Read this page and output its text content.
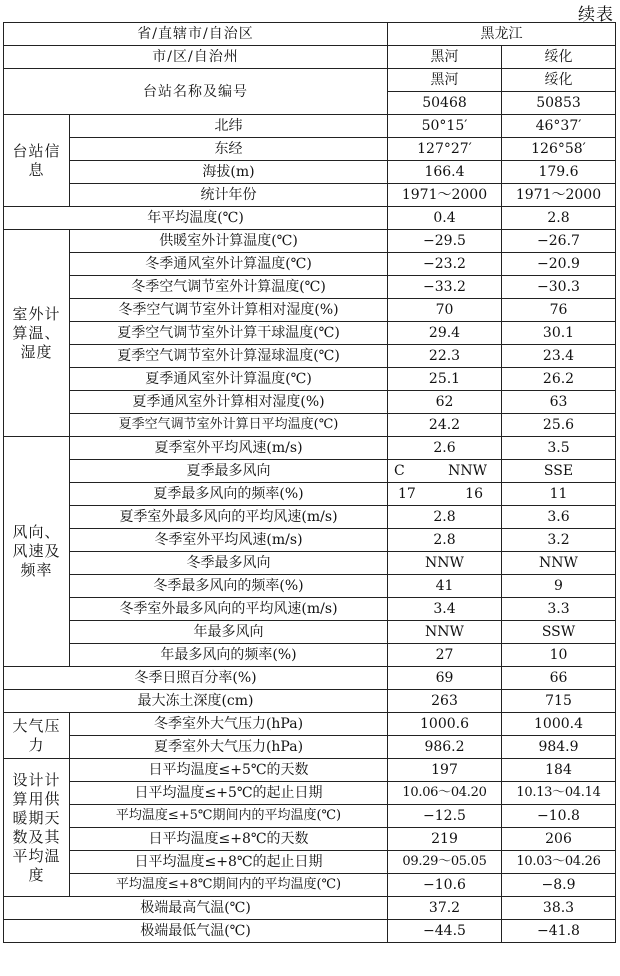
续表
省/直辖市/自治区		黑龙江	
市/区/自治州		黑河	绥化
台站名称及编号		黑河	绥化
		50468	50853
台站信息	北纬	50°15′	46°37′
	东经	127°27′	126°58′
	海拔(m)	166.4	179.6
	统计年份	1971～2000	1971～2000
年平均温度(℃)		0.4	2.8
室外计算温、湿度	供暖室外计算温度(℃)	−29.5	−26.7
	冬季通风室外计算温度(℃)	−23.2	−20.9
	冬季空气调节室外计算温度(℃)	−33.2	−30.3
	冬季空气调节室外计算相对湿度(%)	70	76
	夏季空气调节室外计算干球温度(℃)	29.4	30.1
	夏季空气调节室外计算湿球温度(℃)	22.3	23.4
	夏季通风室外计算温度(℃)	25.1	26.2
	夏季通风室外计算相对湿度(%)	62	63
	夏季空气调节室外计算日平均温度(℃)	24.2	25.6
风向、风速及频率	夏季室外平均风速(m/s)	2.6	3.5
	夏季最多风向	C NNW	SSE
	夏季最多风向的频率(%)	17 16	11
	夏季室外最多风向的平均风速(m/s)	2.8	3.6
	冬季室外平均风速(m/s)	2.8	3.2
	冬季最多风向	NNW	NNW
	冬季最多风向的频率(%)	41	9
	冬季室外最多风向的平均风速(m/s)	3.4	3.3
	年最多风向	NNW	SSW
	年最多风向的频率(%)	27	10
冬季日照百分率(%)		69	66
最大冻土深度(cm)		263	715
大气压力	冬季室外大气压力(hPa)	1000.6	1000.4
	夏季室外大气压力(hPa)	986.2	984.9
设计计算用供暖期天数及其平均温度	日平均温度≤+5℃的天数	197	184
	日平均温度≤+5℃的起止日期	10.06～04.20	10.13～04.14
	平均温度≤+5℃期间内的平均温度(℃)	−12.5	−10.8
	日平均温度≤+8℃的天数	219	206
	日平均温度≤+8℃的起止日期	09.29～05.05	10.03～04.26
	平均温度≤+8℃期间内的平均温度(℃)	−10.6	−8.9
极端最高气温(℃)		37.2	38.3
极端最低气温(℃)		−44.5	−41.8
